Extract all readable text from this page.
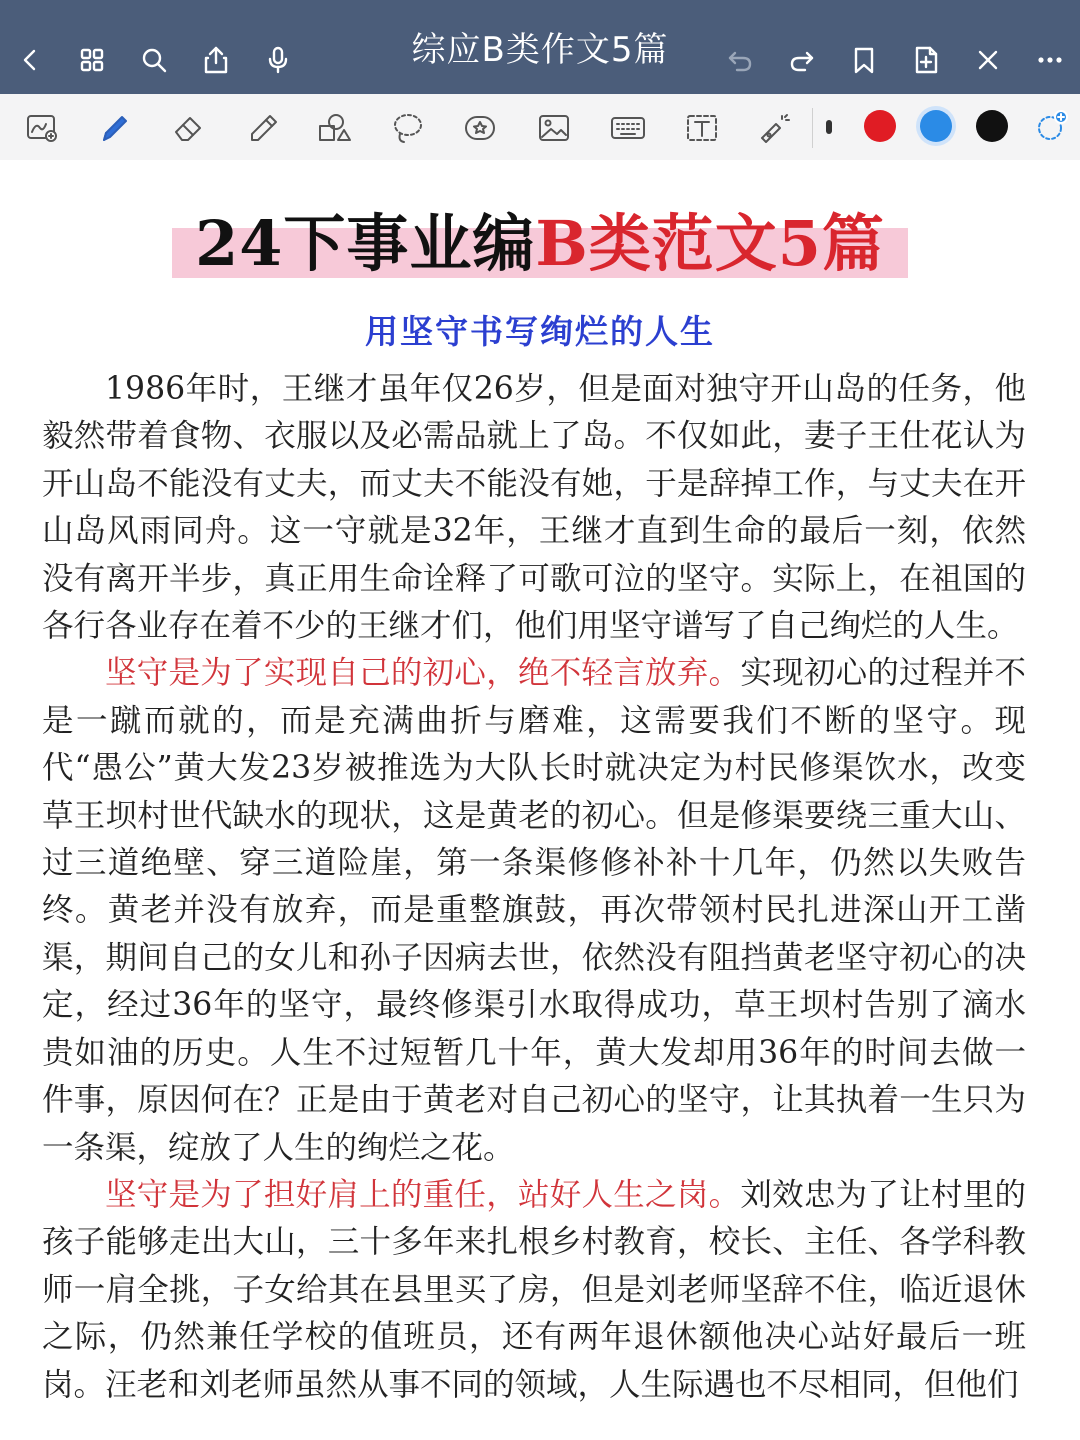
综应B类作文5篇
24下事业编B类范文5篇
用坚守书写绚烂的人生

1986年时，王继才虽年仅26岁，但是面对独守开山岛的任务，他毅然带着食物、衣服以及必需品就上了岛。不仅如此，妻子王仕花认为开山岛不能没有丈夫，而丈夫不能没有她，于是辞掉工作，与丈夫在开山岛风雨同舟。这一守就是32年，王继才直到生命的最后一刻，依然没有离开半步，真正用生命诠释了可歌可泣的坚守。实际上，在祖国的各行各业存在着不少的王继才们，他们用坚守谱写了自己绚烂的人生。

坚守是为了实现自己的初心，绝不轻言放弃。实现初心的过程并不是一蹴而就的，而是充满曲折与磨难，这需要我们不断的坚守。现代“愚公”黄大发23岁被推选为大队长时就决定为村民修渠饮水，改变草王坝村世代缺水的现状，这是黄老的初心。但是修渠要绕三重大山、过三道绝壁、穿三道险崖，第一条渠修修补补十几年，仍然以失败告终。黄老并没有放弃，而是重整旗鼓，再次带领村民扎进深山开工凿渠，期间自己的女儿和孙子因病去世，依然没有阻挡黄老坚守初心的决定，经过36年的坚守，最终修渠引水取得成功，草王坝村告别了滴水贵如油的历史。人生不过短暂几十年，黄大发却用36年的时间去做一件事，原因何在？正是由于黄老对自己初心的坚守，让其执着一生只为一条渠，绽放了人生的绚烂之花。

坚守是为了担好肩上的重任，站好人生之岗。刘效忠为了让村里的孩子能够走出大山，三十多年来扎根乡村教育，校长、主任、各学科教师一肩全挑，子女给其在县里买了房，但是刘老师坚辞不住，临近退休之际，仍然兼任学校的值班员，还有两年退休额他决心站好最后一班岗。汪老和刘老师虽然从事不同的领域，人生际遇也不尽相同，但他们
